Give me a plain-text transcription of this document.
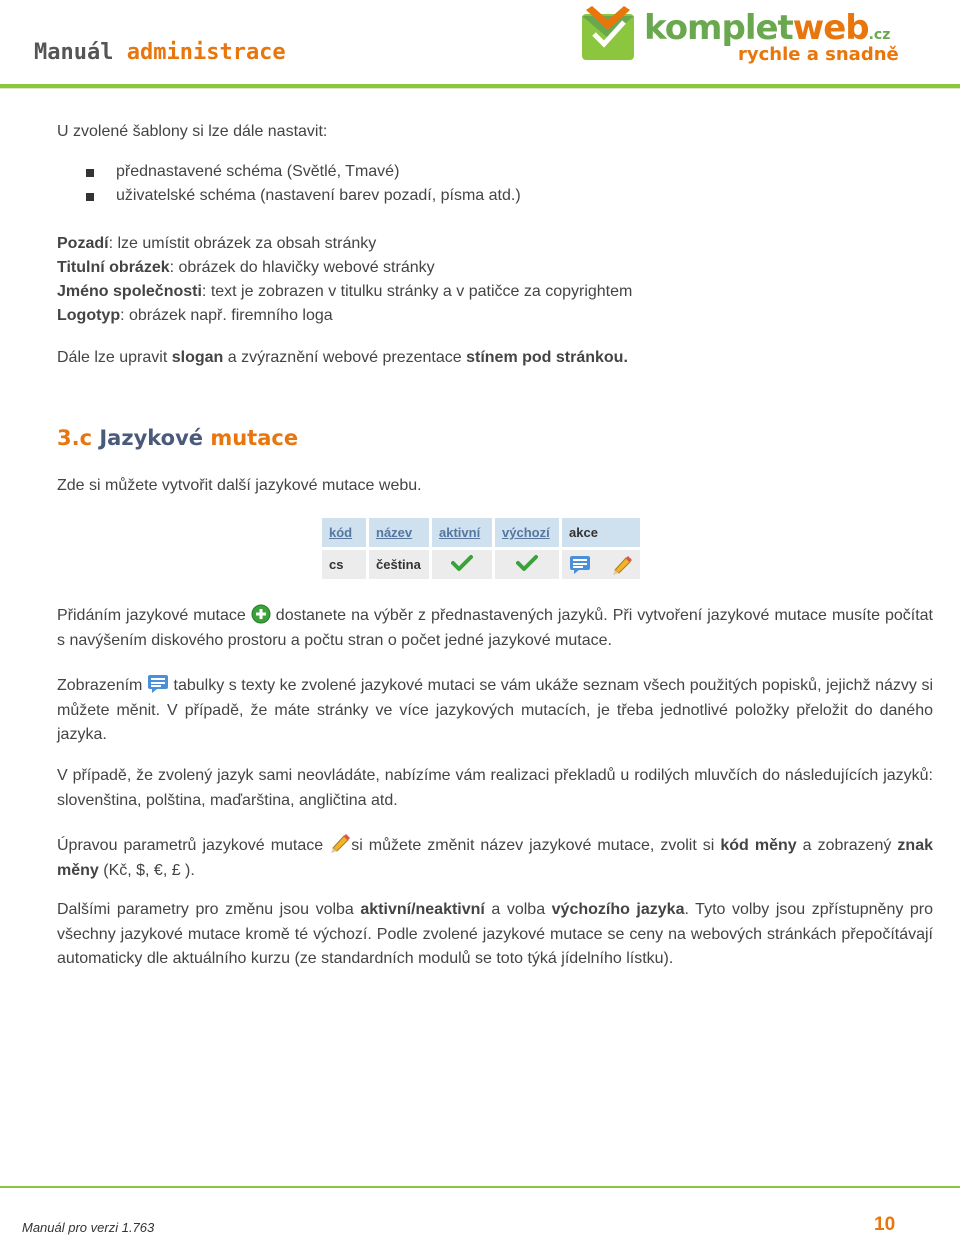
Manuál administrace
kompletweb.cz
rychle a snadně
U zvolené šablony si lze dále nastavit:
přednastavené schéma (Světlé, Tmavé)
uživatelské schéma (nastavení barev pozadí, písma atd.)
Pozadí: lze umístit obrázek za obsah stránky
Titulní obrázek: obrázek do hlavičky webové stránky
Jméno společnosti: text je zobrazen v titulku stránky a v patičce za copyrightem
Logotyp: obrázek např. firemního loga
Dále lze upravit slogan a zvýraznění webové prezentace stínem pod stránkou.
3.c Jazykové mutace
Zde si můžete vytvořit další jazykové mutace webu.
kód	název	aktivní	výchozí	akce
cs	čeština			
Přidáním jazykové mutace  dostanete na výběr z přednastavených jazyků. Při vytvoření jazykové mutace musíte počítat s navýšením diskového prostoru a počtu stran o počet jedné jazykové mutace.
Zobrazením  tabulky s texty ke zvolené jazykové mutaci se vám ukáže seznam všech použitých popisků, jejichž názvy si můžete měnit. V případě, že máte stránky ve více jazykových mutacích, je třeba jednotlivé položky přeložit do daného jazyka.
V případě, že zvolený jazyk sami neovládáte, nabízíme vám realizaci překladů u rodilých mluvčích do následujících jazyků: slovenština, polština, maďarština, angličtina atd.
Úpravou parametrů jazykové mutace si můžete změnit název jazykové mutace, zvolit si kód měny a zobrazený znak měny (Kč, $, €, £ ).
Dalšími parametry pro změnu jsou volba aktivní/neaktivní a volba výchozího jazyka. Tyto volby jsou zpřístupněny pro všechny jazykové mutace kromě té výchozí. Podle zvolené jazykové mutace se ceny na webových stránkách přepočítávají automaticky dle aktuálního kurzu (ze standardních modulů se toto týká jídelního lístku).
Manuál pro verzi 1.763	10
